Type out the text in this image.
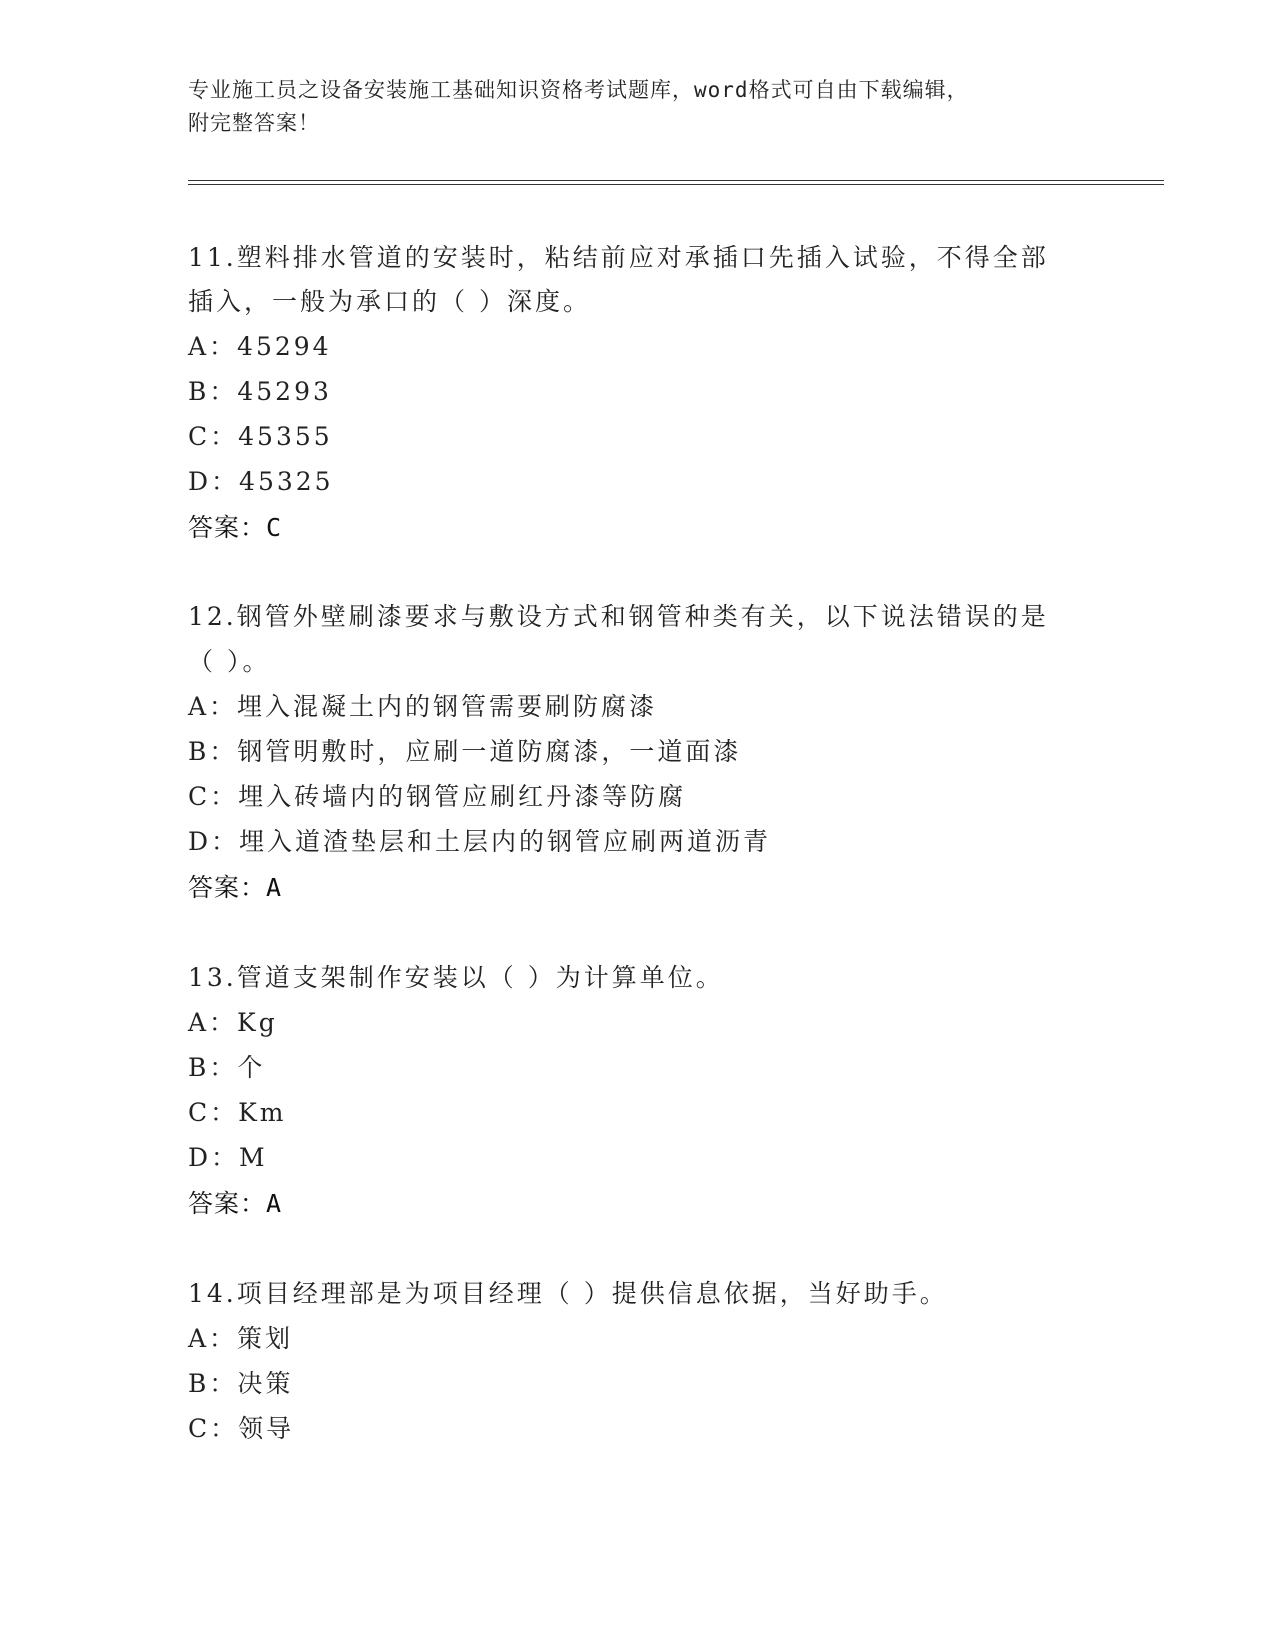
专业施工员之设备安装施工基础知识资格考试题库，word格式可自由下载编辑，
附完整答案！
11.塑料排水管道的安装时，粘结前应对承插口先插入试验，不得全部
插入，一般为承口的（ ）深度。
A：45294
B：45293
C：45355
D：45325
答案：C
12.钢管外壁刷漆要求与敷设方式和钢管种类有关，以下说法错误的是
（ ）。
A：埋入混凝土内的钢管需要刷防腐漆
B：钢管明敷时，应刷一道防腐漆，一道面漆
C：埋入砖墙内的钢管应刷红丹漆等防腐
D：埋入道渣垫层和土层内的钢管应刷两道沥青
答案：A
13.管道支架制作安装以（ ）为计算单位。
A：Kg
B：个
C：Km
D：M
答案：A
14.项目经理部是为项目经理（ ）提供信息依据，当好助手。
A：策划
B：决策
C：领导
